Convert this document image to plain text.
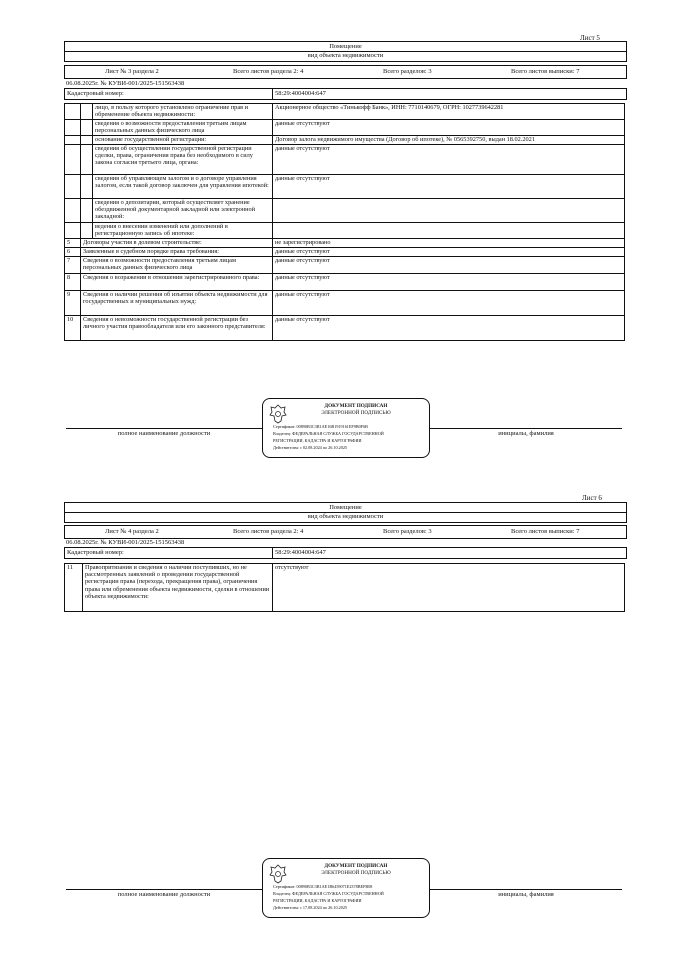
Лист 5
Помещение
вид объекта недвижимости
Лист № 3 раздела 2	Всего листов раздела 2: 4	Всего разделов: 3	Всего листов выписки: 7
06.08.2025г. № КУВИ-001/2025-151563438
Кадастровый номер:	58:29:4004004:647
		лицо, в пользу которого установлено ограничение прав и обременение объекта недвижимости:	Акционерное общество «Тинькофф Банк», ИНН: 7710140679, ОГРН: 1027739642281
		сведения о возможности предоставления третьим лицам персональных данных физического лица	данные отсутствуют
		основание государственной регистрации:	Договор залога недвижимого имущества (Договор об ипотеке), № 0565392750, выдан 18.02.2021
		сведения об осуществлении государственной регистрации сделки, права, ограничения права без необходимого в силу закона согласия третьего лица, органа:	данные отсутствуют
		сведения об управляющем залогом и о договоре управления залогом, если такой договор заключен для управления ипотекой:	данные отсутствуют
		сведения о депозитарии, который осуществляет хранение обездвиженной документарной закладной или электронной закладной:	
		ведения о внесении изменений или дополнений в регистрационную запись об ипотеке:	
5	Договоры участия в долевом строительстве:		не зарегистрировано
6	Заявленные в судебном порядке права требования:		данные отсутствуют
7	Сведения о возможности предоставления третьим лицам персональных данных физического лица		данные отсутствуют
8	Сведения о возражении в отношении зарегистрированного права:		данные отсутствуют
9	Сведения о наличии решения об изъятии объекта недвижимости для государственных и муниципальных нужд:		данные отсутствуют
10	Сведения о невозможности государственной регистрации без личного участия правообладателя или его законного представителя:		данные отсутствуют
полное наименование должности	инициалы, фамилия
ДОКУМЕНТ ПОДПИСАН
ЭЛЕКТРОННОЙ ПОДПИСЬЮ
Сертификат: 00890B3C3B1AE16B1919161EF9B0F6B
Владелец: ФЕДЕРАЛЬНАЯ СЛУЖБА ГОСУДАРСТВЕННОЙ
РЕГИСТРАЦИИ, КАДАСТРА И КАРТОГРАФИИ
Действителен: с 02.08.2024 по 26.10.2025
Лист 6
Помещение
вид объекта недвижимости
Лист № 4 раздела 2	Всего листов раздела 2: 4	Всего разделов: 3	Всего листов выписки: 7
06.08.2025г. № КУВИ-001/2025-151563438
Кадастровый номер:	58:29:4004004:647
11	Правопритязания и сведения о наличии поступивших, но не рассмотренных заявлений о проведении государственной регистрации права (перехода, прекращения права), ограничения права или обременения объекта недвижимости, сделки в отношении объекта недвижимости:	отсутствуют
полное наименование должности	инициалы, фамилия
ДОКУМЕНТ ПОДПИСАН
ЭЛЕКТРОННОЙ ПОДПИСЬЮ
Сертификат: 00890B3C3B1AE1B6459071E2378BEFB08
Владелец: ФЕДЕРАЛЬНАЯ СЛУЖБА ГОСУДАРСТВЕННОЙ
РЕГИСТРАЦИИ, КАДАСТРА И КАРТОГРАФИИ
Действителен: с 17.08.2024 по 26.10.2025
